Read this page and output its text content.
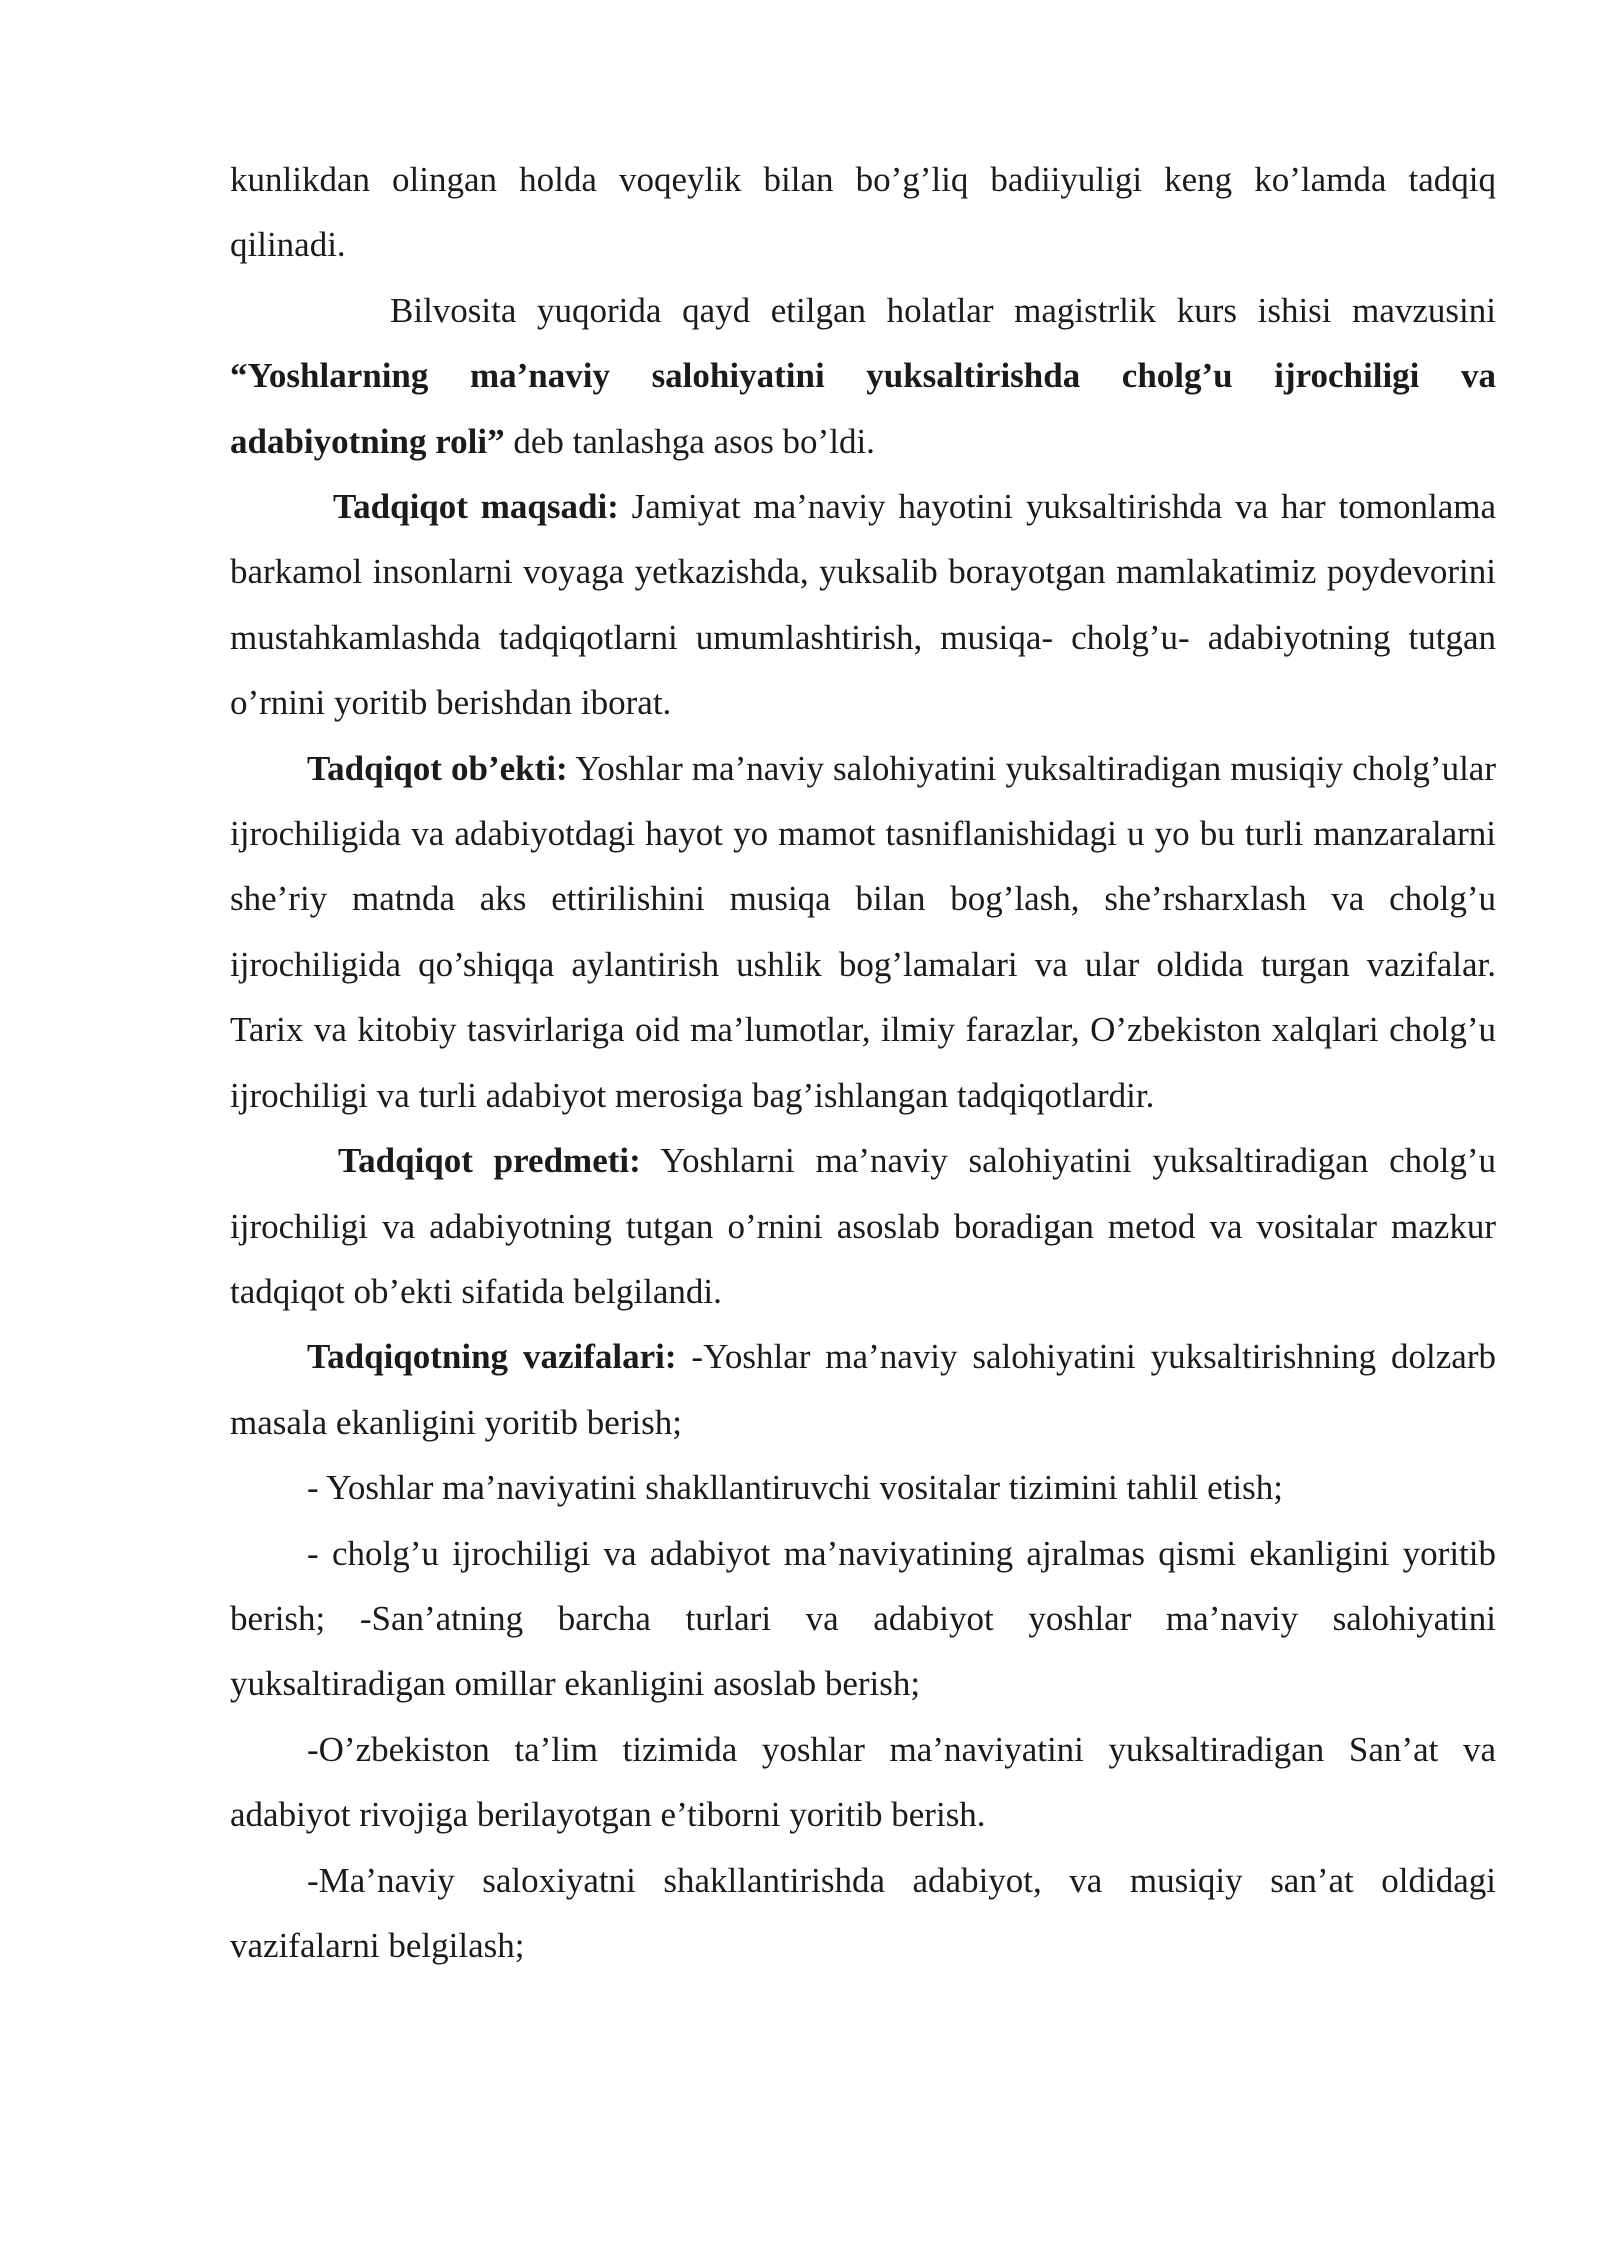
kunlikdan olingan holda voqeylik bilan bo’g’liq badiiyuligi keng ko’lamda tadqiq qilinadi.

Bilvosita yuqorida qayd etilgan holatlar magistrlik kurs ishisi mavzusini “Yoshlarning ma’naviy salohiyatini yuksaltirishda cholg’u ijrochiligi va adabiyotning roli” deb tanlashga asos bo’ldi.

Tadqiqot maqsadi: Jamiyat ma’naviy hayotini yuksaltirishda va har tomonlama barkamol insonlarni voyaga yetkazishda, yuksalib borayotgan mamlakatimiz poydevorini mustahkamlashda tadqiqotlarni umumlashtirish, musiqa- cholg’u- adabiyotning tutgan o’rnini yoritib berishdan iborat.

Tadqiqot ob’ekti: Yoshlar ma’naviy salohiyatini yuksaltiradigan musiqiy cholg’ular ijrochiligida va adabiyotdagi hayot yo mamot tasniflanishidagi u yo bu turli manzaralarni she’riy matnda aks ettirilishini musiqa bilan bog’lash, she’rsharxlash va cholg’u ijrochiligida qo’shiqqa aylantirish ushlik bog’lamalari va ular oldida turgan vazifalar. Tarix va kitobiy tasvirlariga oid ma’lumotlar, ilmiy farazlar, O’zbekiston xalqlari cholg’u ijrochiligi va turli adabiyot merosiga bag’ishlangan tadqiqotlardir.

Tadqiqot predmeti: Yoshlarni ma’naviy salohiyatini yuksaltiradigan cholg’u ijrochiligi va adabiyotning tutgan o’rnini asoslab boradigan metod va vositalar mazkur tadqiqot ob’ekti sifatida belgilandi.

Tadqiqotning vazifalari: -Yoshlar ma’naviy salohiyatini yuksaltirishning dolzarb masala ekanligini yoritib berish;

- Yoshlar ma’naviyatini shakllantiruvchi vositalar tizimini tahlil etish;

- cholg’u ijrochiligi va adabiyot ma’naviyatining ajralmas qismi ekanligini yoritib berish; -San’atning barcha turlari va adabiyot yoshlar ma’naviy salohiyatini yuksaltiradigan omillar ekanligini asoslab berish;

-O’zbekiston ta’lim tizimida yoshlar ma’naviyatini yuksaltiradigan San’at va adabiyot rivojiga berilayotgan e’tiborni yoritib berish.

-Ma’naviy saloxiyatni shakllantirishda adabiyot, va musiqiy san’at oldidagi vazifalarni belgilash;
